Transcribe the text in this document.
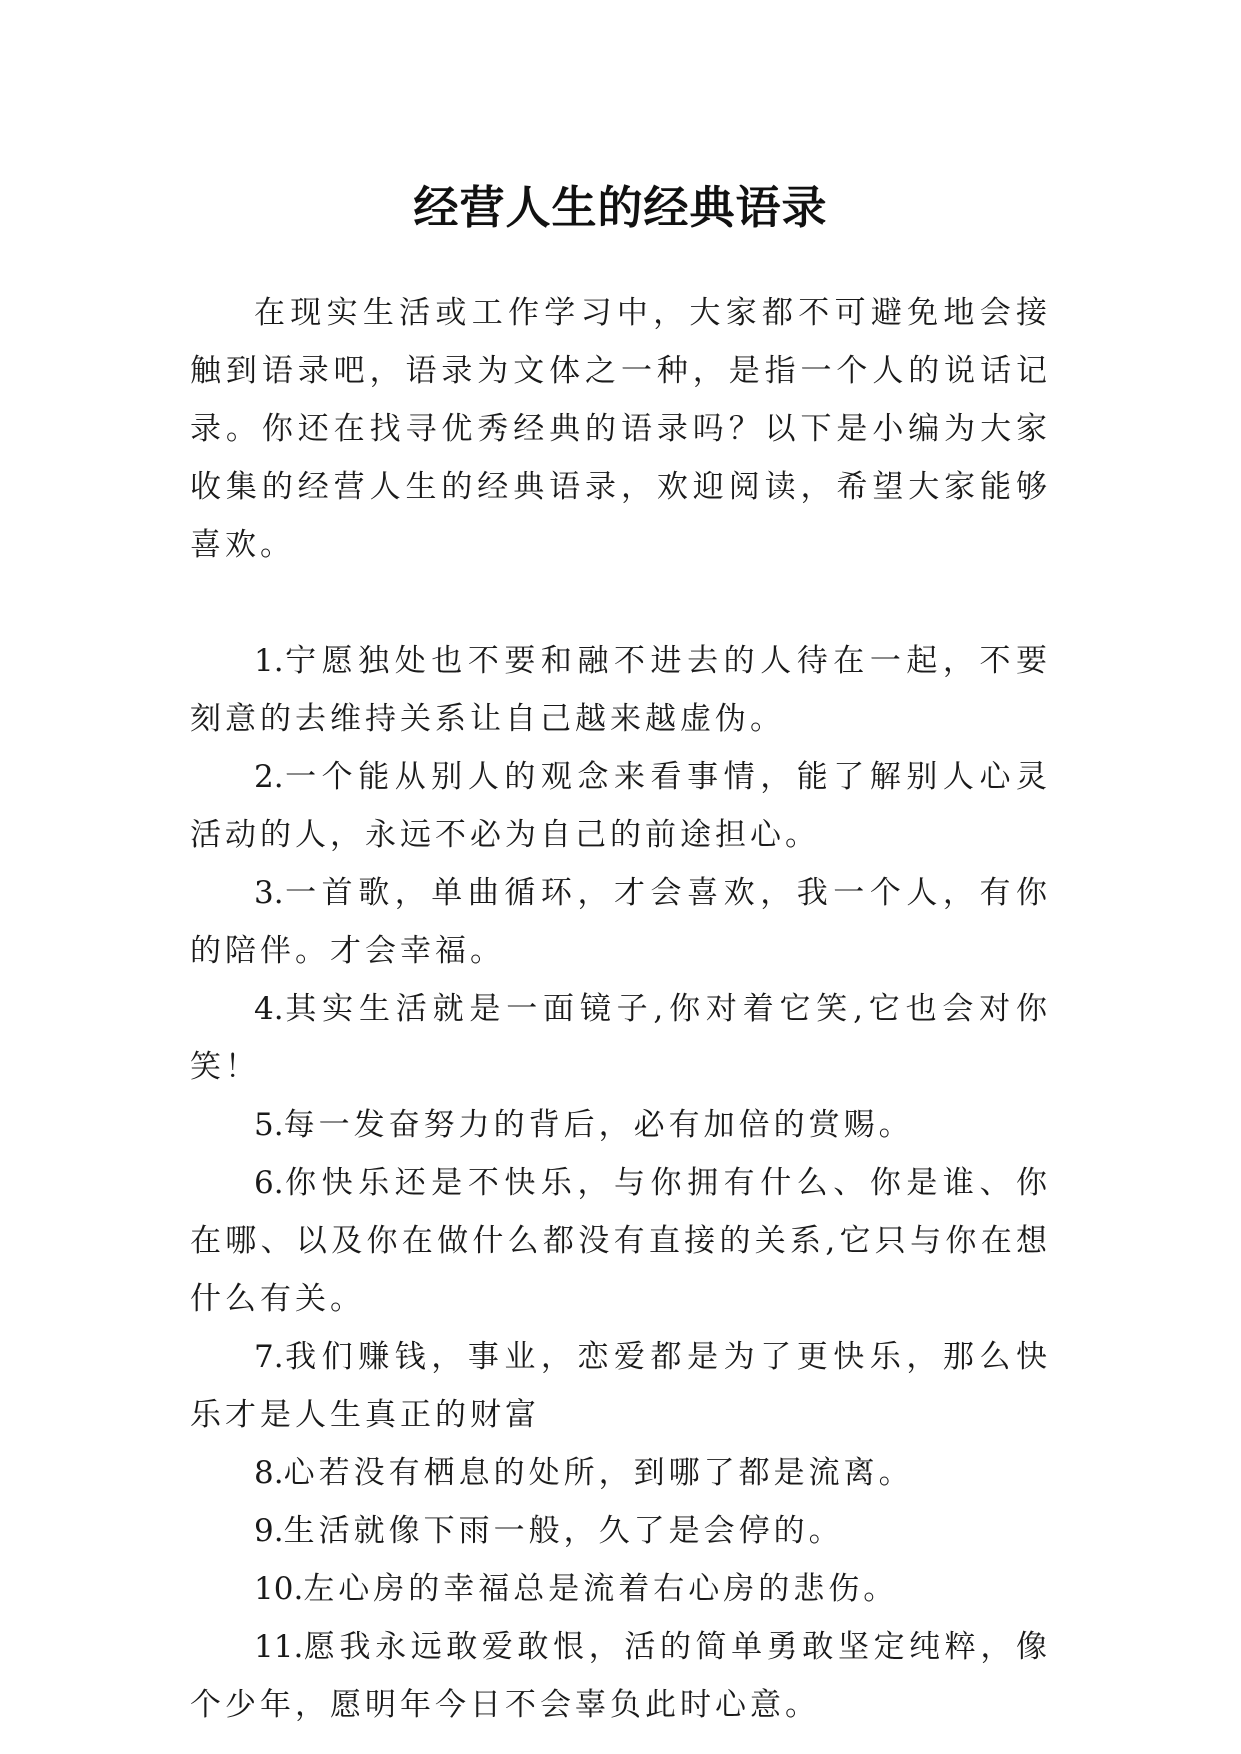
经营人生的经典语录

在现实生活或工作学习中，大家都不可避免地会接触到语录吧，语录为文体之一种，是指一个人的说话记录。你还在找寻优秀经典的语录吗？以下是小编为大家收集的经营人生的经典语录，欢迎阅读，希望大家能够喜欢。

1.宁愿独处也不要和融不进去的人待在一起，不要刻意的去维持关系让自己越来越虚伪。

2.一个能从别人的观念来看事情，能了解别人心灵活动的人，永远不必为自己的前途担心。

3.一首歌，单曲循环，才会喜欢，我一个人，有你的陪伴。才会幸福。

4.其实生活就是一面镜子,你对着它笑,它也会对你笑！

5.每一发奋努力的背后，必有加倍的赏赐。

6.你快乐还是不快乐，与你拥有什么、你是谁、你在哪、以及你在做什么都没有直接的关系,它只与你在想什么有关。

7.我们赚钱，事业，恋爱都是为了更快乐，那么快乐才是人生真正的财富

8.心若没有栖息的处所，到哪了都是流离。

9.生活就像下雨一般，久了是会停的。

10.左心房的幸福总是流着右心房的悲伤。

11.愿我永远敢爱敢恨，活的简单勇敢坚定纯粹，像个少年，愿明年今日不会辜负此时心意。
